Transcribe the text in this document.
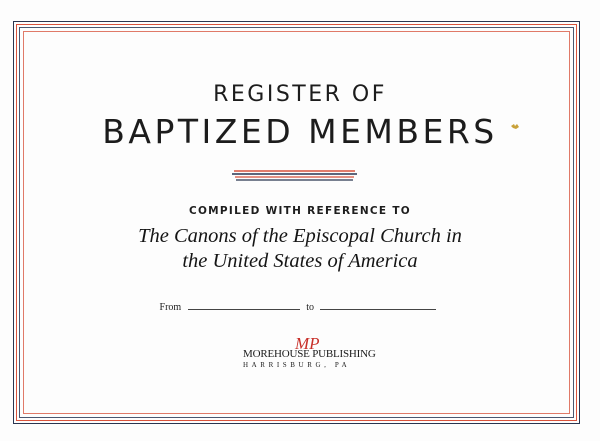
REGISTER OF
BAPTIZED MEMBERS
COMPILED WITH REFERENCE TO
The Canons of the Episcopal Church in
the United States of America
From	to
MP
MOREHOUSE PUBLISHING
HARRISBURG, PA
